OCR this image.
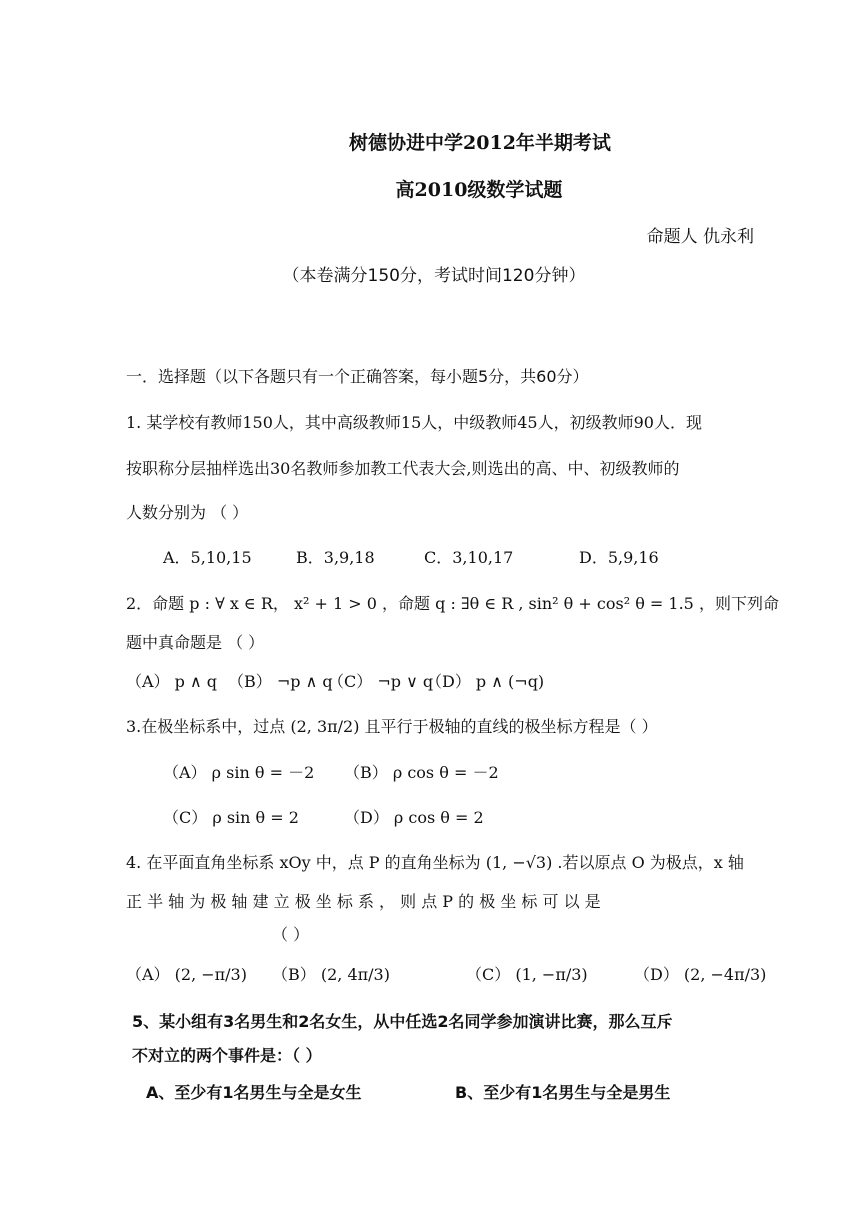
树德协进中学2012年半期考试
高2010级数学试题
命题人 仇永利
（本卷满分150分，考试时间120分钟）
一．选择题（以下各题只有一个正确答案，每小题5分，共60分）
1. 某学校有教师150人，其中高级教师15人，中级教师45人，初级教师90人．现
按职称分层抽样选出30名教师参加教工代表大会,则选出的高、中、初级教师的
人数分别为 （ ）
A．5,10,15	B．3,9,18	C．3,10,17	D．5,9,16
2．命题 p : ∀ x ∈ R， x² + 1 > 0 ，命题 q : ∃θ ∈ R , sin² θ + cos² θ = 1.5 ，则下列命
题中真命题是 （ ）
（A） p ∧ q （B） ¬p ∧ q
（C） ¬p ∨ q
（D） p ∧ (¬q)
3.在极坐标系中，过点 (2, 3π/2) 且平行于极轴的直线的极坐标方程是（ ）
（A） ρ sin θ = －2 （B） ρ cos θ = －2
（C） ρ sin θ = 2	（D） ρ cos θ = 2
4. 在平面直角坐标系 xOy 中，点 P 的直角坐标为 (1, −√3) .若以原点 O 为极点，x 轴
正 半 轴 为 极 轴 建 立 极 坐 标 系 ， 则 点 P 的 极 坐 标 可 以 是
（ ）
（A） (2, −π/3) （B） (2, 4π/3)	（C） (1, −π/3)	（D） (2, −4π/3)
5、某小组有3名男生和2名女生，从中任选2名同学参加演讲比赛，那么互斥
不对立的两个事件是：（ ）
A、至少有1名男生与全是女生	B、至少有1名男生与全是男生
